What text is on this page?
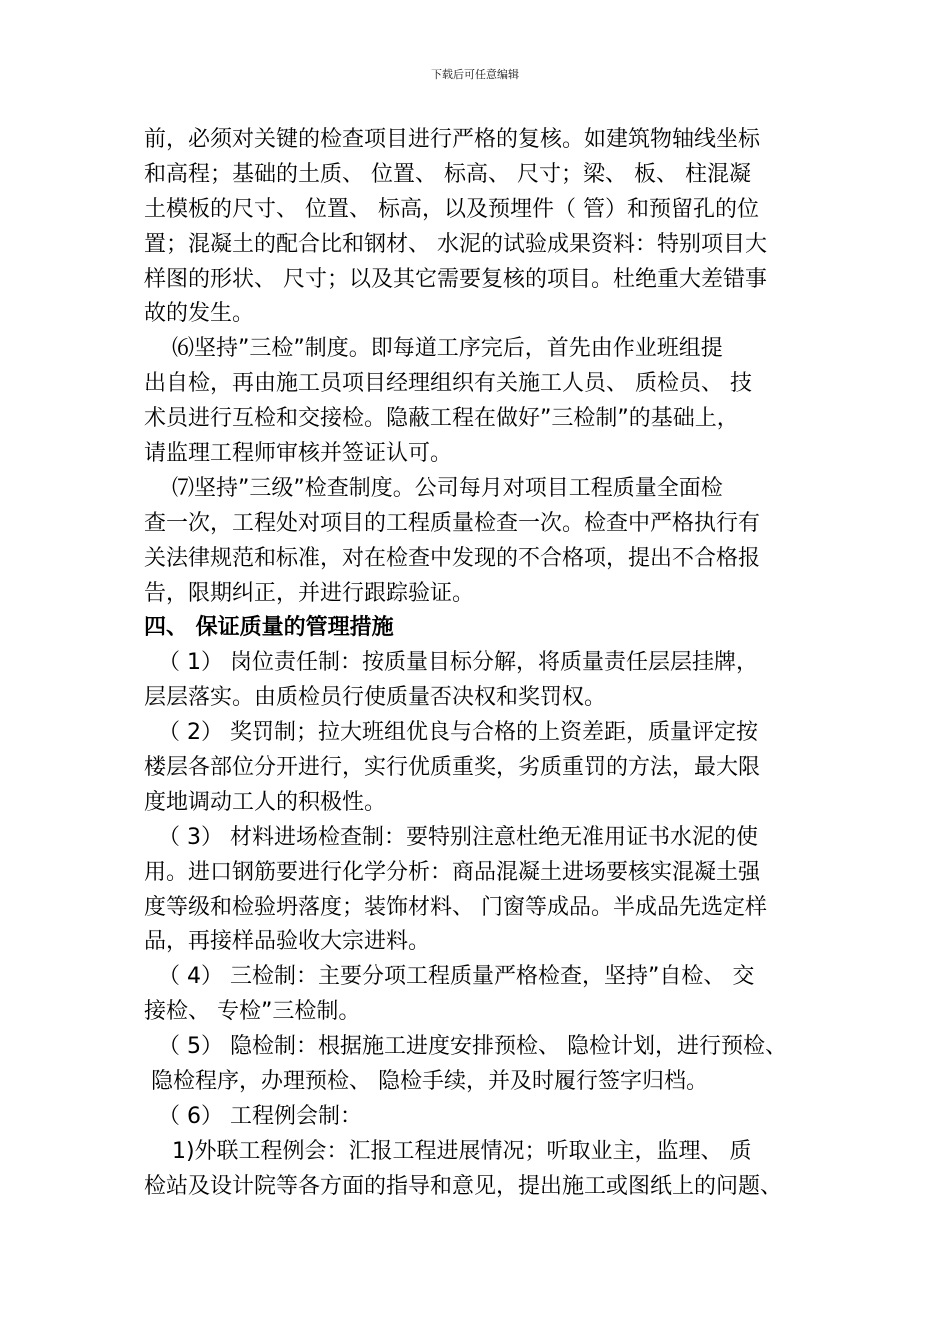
下载后可任意编辑
前，必须对关键的检查项目进行严格的复核。如建筑物轴线坐标
和高程；基础的土质、 位置、 标高、 尺寸；梁、 板、 柱混凝
土模板的尺寸、 位置、 标高，以及预埋件（ 管）和预留孔的位
置；混凝土的配合比和钢材、 水泥的试验成果资料：特别项目大
样图的形状、 尺寸；以及其它需要复核的项目。杜绝重大差错事
故的发生。
⑹坚持”三检”制度。即每道工序完后，首先由作业班组提
出自检，再由施工员项目经理组织有关施工人员、 质检员、 技
术员进行互检和交接检。隐蔽工程在做好”三检制”的基础上，
请监理工程师审核并签证认可。
⑺坚持”三级”检查制度。公司每月对项目工程质量全面检
查一次，工程处对项目的工程质量检查一次。检查中严格执行有
关法律规范和标准，对在检查中发现的不合格项，提出不合格报
告，限期纠正，并进行跟踪验证。
四、 保证质量的管理措施
（ 1） 岗位责任制：按质量目标分解，将质量责任层层挂牌，
层层落实。由质检员行使质量否决权和奖罚权。
（ 2） 奖罚制；拉大班组优良与合格的上资差距，质量评定按
楼层各部位分开进行，实行优质重奖，劣质重罚的方法，最大限
度地调动工人的积极性。
（ 3） 材料进场检查制：要特别注意杜绝无准用证书水泥的使
用。进口钢筋要进行化学分析：商品混凝土进场要核实混凝土强
度等级和检验坍落度；装饰材料、 门窗等成品。半成品先选定样
品，再接样品验收大宗进料。
（ 4） 三检制：主要分项工程质量严格检查，坚持”自检、 交
接检、 专检”三检制。
（ 5） 隐检制：根据施工进度安排预检、 隐检计划，进行预检、
隐检程序，办理预检、 隐检手续，并及时履行签字归档。
（ 6） 工程例会制：
1)外联工程例会：汇报工程进展情况；听取业主，监理、 质
检站及设计院等各方面的指导和意见，提出施工或图纸上的问题、
